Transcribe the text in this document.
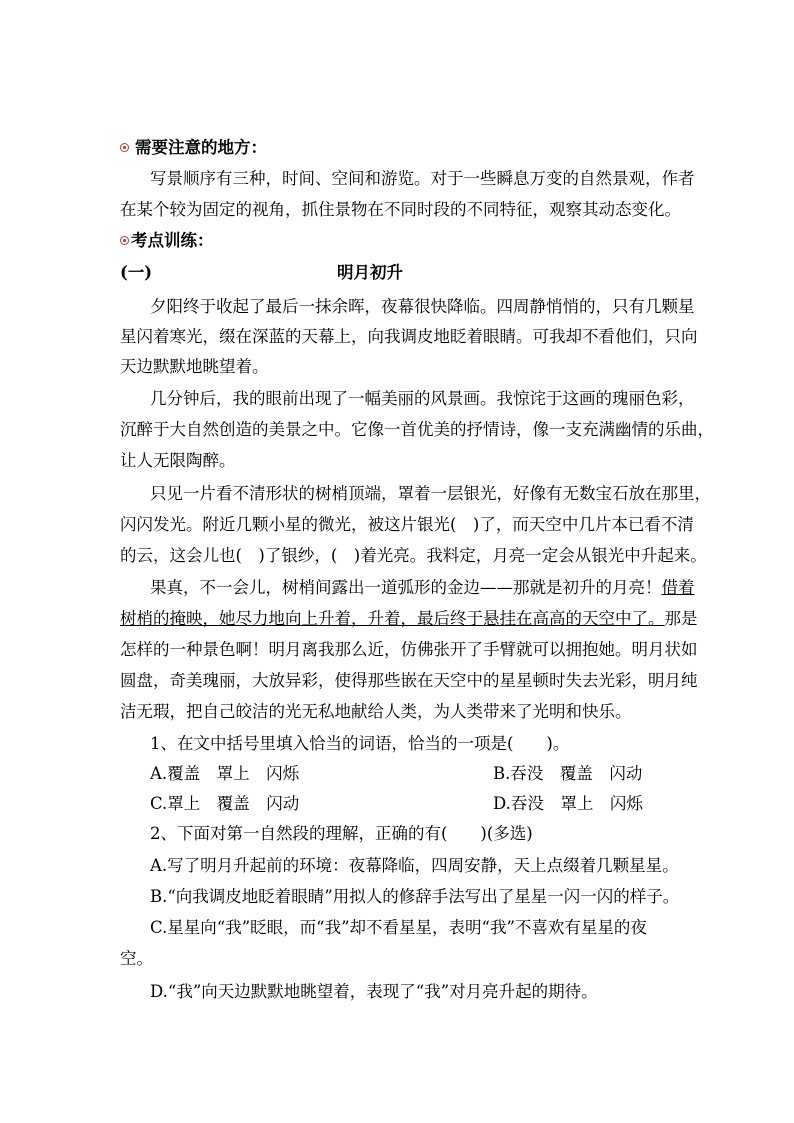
需要注意的地方：
写景顺序有三种，时间、空间和游览。对于一些瞬息万变的自然景观，作者
在某个较为固定的视角，抓住景物在不同时段的不同特征，观察其动态变化。
考点训练：
(一)	明月初升
夕阳终于收起了最后一抹余晖，夜幕很快降临。四周静悄悄的，只有几颗星
星闪着寒光，缀在深蓝的天幕上，向我调皮地眨着眼睛。可我却不看他们，只向
天边默默地眺望着。
几分钟后，我的眼前出现了一幅美丽的风景画。我惊诧于这画的瑰丽色彩，
沉醉于大自然创造的美景之中。它像一首优美的抒情诗，像一支充满幽情的乐曲，
让人无限陶醉。
只见一片看不清形状的树梢顶端，罩着一层银光，好像有无数宝石放在那里，
闪闪发光。附近几颗小星的微光，被这片银光(　)了，而天空中几片本已看不清
的云，这会儿也(　)了银纱，(　)着光亮。我料定，月亮一定会从银光中升起来。
果真，不一会儿，树梢间露出一道弧形的金边——那就是初升的月亮！借着
树梢的掩映，她尽力地向上升着，升着，最后终于悬挂在高高的天空中了。那是
怎样的一种景色啊！明月离我那么近，仿佛张开了手臂就可以拥抱她。明月状如
圆盘，奇美瑰丽，大放异彩，使得那些嵌在天空中的星星顿时失去光彩，明月纯
洁无瑕，把自己皎洁的光无私地献给人类，为人类带来了光明和快乐。
1、在文中括号里填入恰当的词语，恰当的一项是(　　)。
A.覆盖　罩上　闪烁	B.吞没　覆盖　闪动
C.罩上　覆盖　闪动	D.吞没　罩上　闪烁
2、下面对第一自然段的理解，正确的有(　　)(多选)
A.写了明月升起前的环境：夜幕降临，四周安静，天上点缀着几颗星星。
B.“向我调皮地眨着眼睛”用拟人的修辞手法写出了星星一闪一闪的样子。
C.星星向“我”眨眼，而“我”却不看星星，表明“我”不喜欢有星星的夜
空。
D.“我”向天边默默地眺望着，表现了“我”对月亮升起的期待。
